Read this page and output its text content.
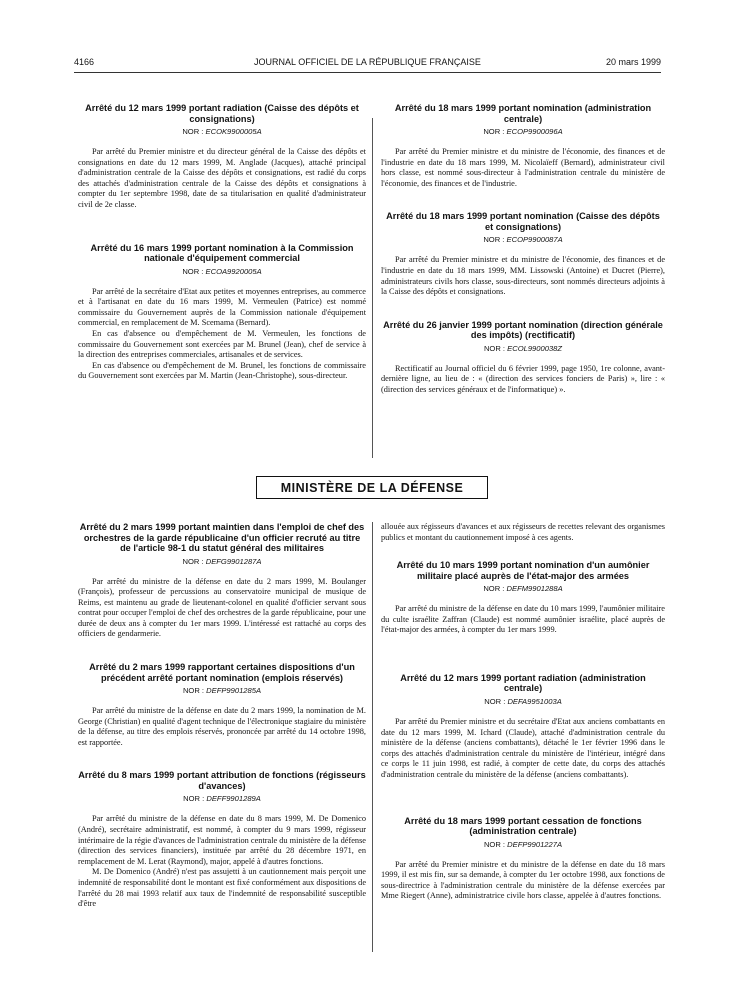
4166	JOURNAL OFFICIEL DE LA RÉPUBLIQUE FRANÇAISE	20 mars 1999
Arrêté du 12 mars 1999 portant radiation (Caisse des dépôts et consignations)
NOR : ECOK9900005A

Par arrêté du Premier ministre et du directeur général de la Caisse des dépôts et consignations en date du 12 mars 1999, M. Anglade (Jacques), attaché principal d'administration centrale de la Caisse des dépôts et consignations, est radié du corps des attachés d'administration centrale de la Caisse des dépôts et consignations à compter du 1er septembre 1998, date de sa titularisation en qualité d'administrateur civil de 2e classe.

Arrêté du 16 mars 1999 portant nomination à la Commission nationale d'équipement commercial
NOR : ECOA9920005A

Par arrêté de la secrétaire d'Etat aux petites et moyennes entreprises, au commerce et à l'artisanat en date du 16 mars 1999, M. Vermeulen (Patrice) est nommé commissaire du Gouvernement auprès de la Commission nationale d'équipement commercial, en remplacement de M. Scemama (Bernard).

En cas d'absence ou d'empêchement de M. Vermeulen, les fonctions de commissaire du Gouvernement sont exercées par M. Brunel (Jean), chef de service à la direction des entreprises commerciales, artisanales et de services.

En cas d'absence ou d'empêchement de M. Brunel, les fonctions de commissaire du Gouvernement sont exercées par M. Martin (Jean-Christophe), sous-directeur.

Arrêté du 18 mars 1999 portant nomination (administration centrale)
NOR : ECOP9900096A

Par arrêté du Premier ministre et du ministre de l'économie, des finances et de l'industrie en date du 18 mars 1999, M. Nicolaïeff (Bernard), administrateur civil hors classe, est nommé sous-directeur à l'administration centrale du ministère de l'économie, des finances et de l'industrie.

Arrêté du 18 mars 1999 portant nomination (Caisse des dépôts et consignations)
NOR : ECOP9900087A

Par arrêté du Premier ministre et du ministre de l'économie, des finances et de l'industrie en date du 18 mars 1999, MM. Lissowski (Antoine) et Ducret (Pierre), administrateurs civils hors classe, sous-directeurs, sont nommés directeurs adjoints à la Caisse des dépôts et consignations.

Arrêté du 26 janvier 1999 portant nomination (direction générale des impôts) (rectificatif)
NOR : ECOL9900038Z

Rectificatif au Journal officiel du 6 février 1999, page 1950, 1re colonne, avant-dernière ligne, au lieu de : « (direction des services fonciers de Paris) », lire : « (direction des services généraux et de l'informatique) ».

MINISTÈRE DE LA DÉFENSE
Arrêté du 2 mars 1999 portant maintien dans l'emploi de chef des orchestres de la garde républicaine d'un officier recruté au titre de l'article 98-1 du statut général des militaires
NOR : DEFG9901287A

Par arrêté du ministre de la défense en date du 2 mars 1999, M. Boulanger (François), professeur de percussions au conservatoire municipal de musique de Reims, est maintenu au grade de lieutenant-colonel en qualité d'officier servant sous contrat pour occuper l'emploi de chef des orchestres de la garde républicaine, pour une durée de deux ans à compter du 1er mars 1999. L'intéressé est rattaché au corps des officiers de gendarmerie.

Arrêté du 2 mars 1999 rapportant certaines dispositions d'un précédent arrêté portant nomination (emplois réservés)
NOR : DEFP9901285A

Par arrêté du ministre de la défense en date du 2 mars 1999, la nomination de M. George (Christian) en qualité d'agent technique de l'électronique stagiaire du ministère de la défense, au titre des emplois réservés, prononcée par arrêté du 14 octobre 1998, est rapportée.

Arrêté du 8 mars 1999 portant attribution de fonctions (régisseurs d'avances)
NOR : DEFF9901289A

Par arrêté du ministre de la défense en date du 8 mars 1999, M. De Domenico (André), secrétaire administratif, est nommé, à compter du 9 mars 1999, régisseur intérimaire de la régie d'avances de l'administration centrale du ministère de la défense (direction des services financiers), instituée par arrêté du 28 décembre 1971, en remplacement de M. Lerat (Raymond), major, appelé à d'autres fonctions.

M. De Domenico (André) n'est pas assujetti à un cautionnement mais perçoit une indemnité de responsabilité dont le montant est fixé conformément aux dispositions de l'arrêté du 28 mai 1993 relatif aux taux de l'indemnité de responsabilité susceptible d'être

allouée aux régisseurs d'avances et aux régisseurs de recettes relevant des organismes publics et montant du cautionnement imposé à ces agents.

Arrêté du 10 mars 1999 portant nomination d'un aumônier militaire placé auprès de l'état-major des armées
NOR : DEFM9901288A

Par arrêté du ministre de la défense en date du 10 mars 1999, l'aumônier militaire du culte israélite Zaffran (Claude) est nommé aumônier israélite, placé auprès de l'état-major des armées, à compter du 1er mars 1999.

Arrêté du 12 mars 1999 portant radiation (administration centrale)
NOR : DEFA9951003A

Par arrêté du Premier ministre et du secrétaire d'Etat aux anciens combattants en date du 12 mars 1999, M. Ichard (Claude), attaché d'administration centrale du ministère de la défense (anciens combattants), détaché le 1er février 1996 dans le corps des attachés d'administration centrale du ministère de l'intérieur, intégré dans ce corps le 11 juin 1998, est radié, à compter de cette date, du corps des attachés d'administration centrale du ministère de la défense (anciens combattants).

Arrêté du 18 mars 1999 portant cessation de fonctions (administration centrale)
NOR : DEFP9901227A

Par arrêté du Premier ministre et du ministre de la défense en date du 18 mars 1999, il est mis fin, sur sa demande, à compter du 1er octobre 1998, aux fonctions de sous-directrice à l'administration centrale du ministère de la défense exercées par Mme Riegert (Anne), administratrice civile hors classe, appelée à d'autres fonctions.
